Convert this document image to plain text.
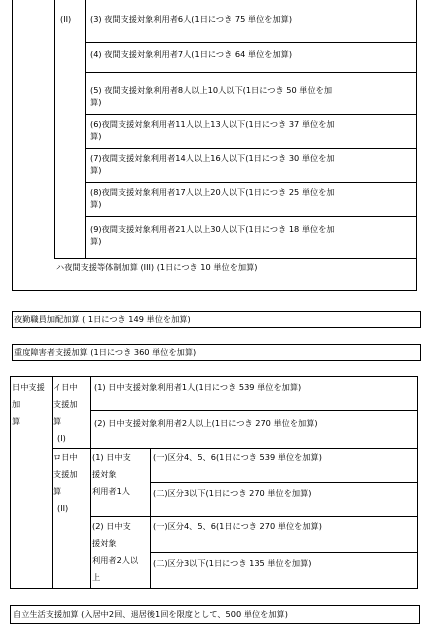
(II) (3) 夜間支援対象利用者6人(1日につき 75 単位を加算)
(4) 夜間支援対象利用者7人(1日につき 64 単位を加算)
(5) 夜間支援対象利用者8人以上10人以下(1日につき 50 単位を加
算)
(6)夜間支援対象利用者11人以上13人以下(1日につき 37 単位を加
算)
(7)夜間支援対象利用者14人以上16人以下(1日につき 30 単位を加
算)
(8)夜間支援対象利用者17人以上20人以下(1日につき 25 単位を加
算)
(9)夜間支援対象利用者21人以上30人以下(1日につき 18 単位を加
算)
ハ夜間支援等体制加算 (III) (1日につき 10 単位を加算)
夜勤職員加配加算 ( 1日につき 149 単位を加算)
重度障害者支援加算 (1日につき 360 単位を加算)
日中支援
加
算
イ日中
支援加
算
(I)
(1) 日中支援対象利用者1人(1日につき 539 単位を加算)
(2) 日中支援対象利用者2人以上(1日につき 270 単位を加算)
ロ日中
支援加
算
(II)
(1) 日中支
援対象
利用者1人
(一)区分4、5、6(1日につき 539 単位を加算)
(二)区分3以下(1日につき 270 単位を加算)
(2) 日中支
援対象
利用者2人以
上
(一)区分4、5、6(1日につき 270 単位を加算)
(二)区分3以下(1日につき 135 単位を加算)
自立生活支援加算 (入居中2回、退居後1回を限度として、500 単位を加算)
